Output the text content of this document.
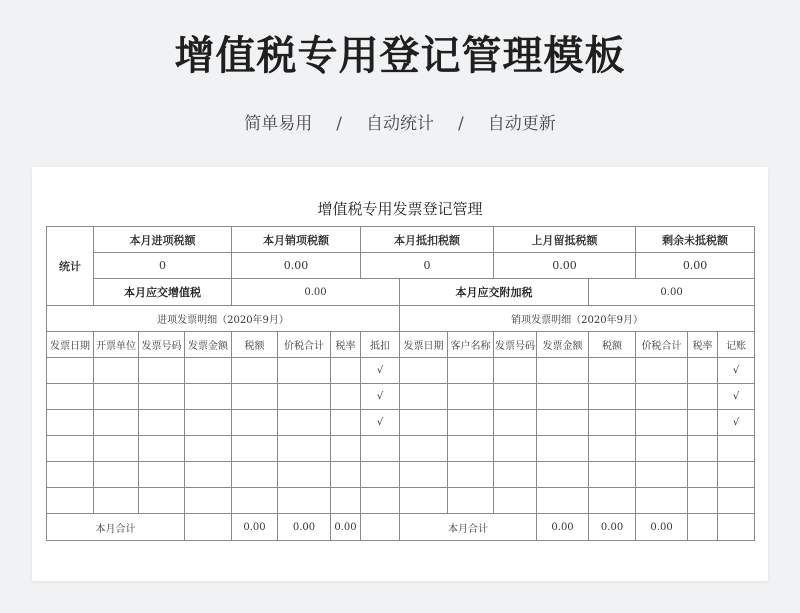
增值税专用登记管理模板
简单易用 / 自动统计 / 自动更新
增值税专用发票登记管理
统计	本月进项税额			本月销项税额			本月抵扣税额			上月留抵税额			剩余未抵税额		
	0			0.00			0			0.00			0.00		
	本月应交增值税			0.00				本月应交附加税				0.00			
进项发票明细（2020年9月）								销项发票明细（2020年9月）							
发票日期	开票单位	发票号码	发票金额	税额	价税合计	税率	抵扣	发票日期	客户名称	发票号码	发票金额	税额	价税合计	税率	记账
							√								√
							√								√
							√								√

本月合计				0.00	0.00	0.00		本月合计			0.00	0.00	0.00		
